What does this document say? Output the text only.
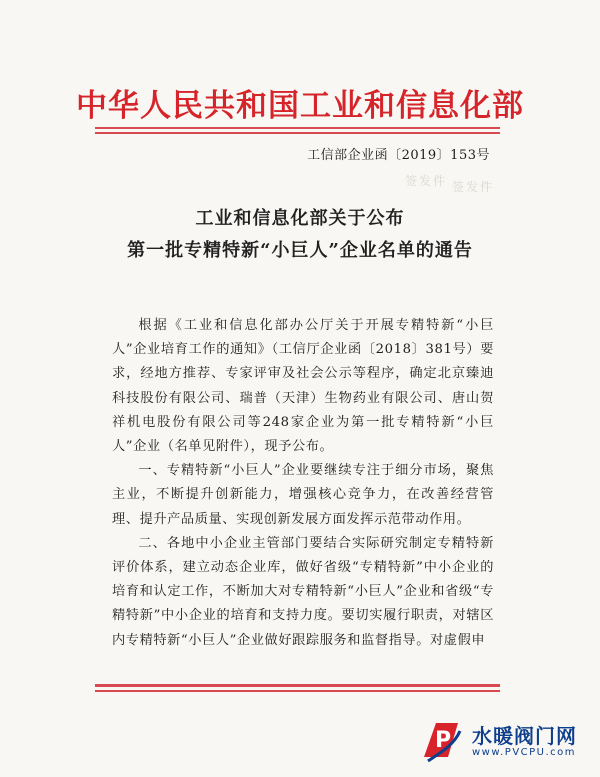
中华人民共和国工业和信息化部
工信部企业函〔2019〕153号
签发件 签发件
工业和信息化部关于公布
第一批专精特新“小巨人”企业名单的通告

根据《工业和信息化部办公厅关于开展专精特新“小巨人”企业培育工作的通知》（工信厅企业函〔2018〕381号）要求，经地方推荐、专家评审及社会公示等程序，确定北京臻迪科技股份有限公司、瑞普（天津）生物药业有限公司、唐山贺祥机电股份有限公司等248家企业为第一批专精特新“小巨人”企业（名单见附件），现予公布。

一、专精特新“小巨人”企业要继续专注于细分市场，聚焦主业，不断提升创新能力，增强核心竞争力，在改善经营管理、提升产品质量、实现创新发展方面发挥示范带动作用。

二、各地中小企业主管部门要结合实际研究制定专精特新评价体系，建立动态企业库，做好省级“专精特新”中小企业的培育和认定工作，不断加大对专精特新“小巨人”企业和省级“专精特新”中小企业的培育和支持力度。要切实履行职责，对辖区内专精特新“小巨人”企业做好跟踪服务和监督指导。对虚假申

P 水暖阀门网
www.PVCPU.com
